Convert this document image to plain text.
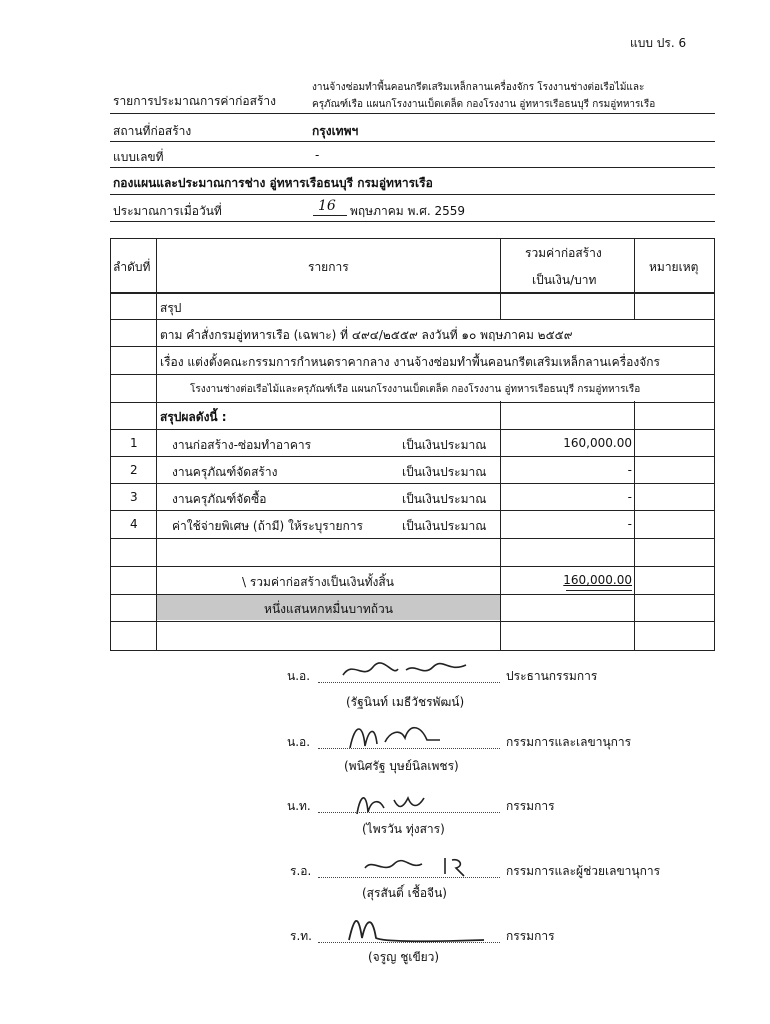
แบบ ปร. 6
รายการประมาณการค่าก่อสร้าง
งานจ้างซ่อมทำพื้นคอนกรีตเสริมเหล็กลานเครื่องจักร โรงงานช่างต่อเรือไม้และ
ครุภัณฑ์เรือ แผนกโรงงานเบ็ดเตล็ด กองโรงงาน อู่ทหารเรือธนบุรี กรมอู่ทหารเรือ
สถานที่ก่อสร้าง	กรุงเทพฯ
แบบเลขที่	-
กองแผนและประมาณการช่าง อู่ทหารเรือธนบุรี กรมอู่ทหารเรือ
ประมาณการเมื่อวันที่	16 พฤษภาคม พ.ศ. 2559
ลำดับที่	รายการ
รวมค่าก่อสร้าง
เป็นเงิน/บาท
หมายเหตุ
สรุป
ตาม คำสั่งกรมอู่ทหารเรือ (เฉพาะ) ที่ ๔๙๔/๒๕๕๙ ลงวันที่ ๑๐ พฤษภาคม ๒๕๕๙
เรื่อง แต่งตั้งคณะกรรมการกำหนดราคากลาง งานจ้างซ่อมทำพื้นคอนกรีตเสริมเหล็กลานเครื่องจักร
โรงงานช่างต่อเรือไม้และครุภัณฑ์เรือ แผนกโรงงานเบ็ดเตล็ด กองโรงงาน อู่ทหารเรือธนบุรี กรมอู่ทหารเรือ
สรุปผลดังนี้ :
1	งานก่อสร้าง-ซ่อมทำอาคาร	เป็นเงินประมาณ	160,000.00
2	งานครุภัณฑ์จัดสร้าง	เป็นเงินประมาณ	-
3	งานครุภัณฑ์จัดซื้อ	เป็นเงินประมาณ	-
4	ค่าใช้จ่ายพิเศษ (ถ้ามี) ให้ระบุรายการ	เป็นเงินประมาณ	-
\ รวมค่าก่อสร้างเป็นเงินทั้งสิ้น	160,000.00
หนึ่งแสนหกหมื่นบาทถ้วน
น.อ.	ประธานกรรมการ
(รัฐนินท์ เมธีวัชรพัฒน์)
น.อ.	กรรมการและเลขานุการ
(พนิศรัฐ บุษย์นิลเพชร)
น.ท.	กรรมการ
(ไพรวัน ทุ่งสาร)
ร.อ.	กรรมการและผู้ช่วยเลขานุการ
(สุรสันติ์ เชื้อจีน)
ร.ท.	กรรมการ
(จรูญ ชูเขียว)
